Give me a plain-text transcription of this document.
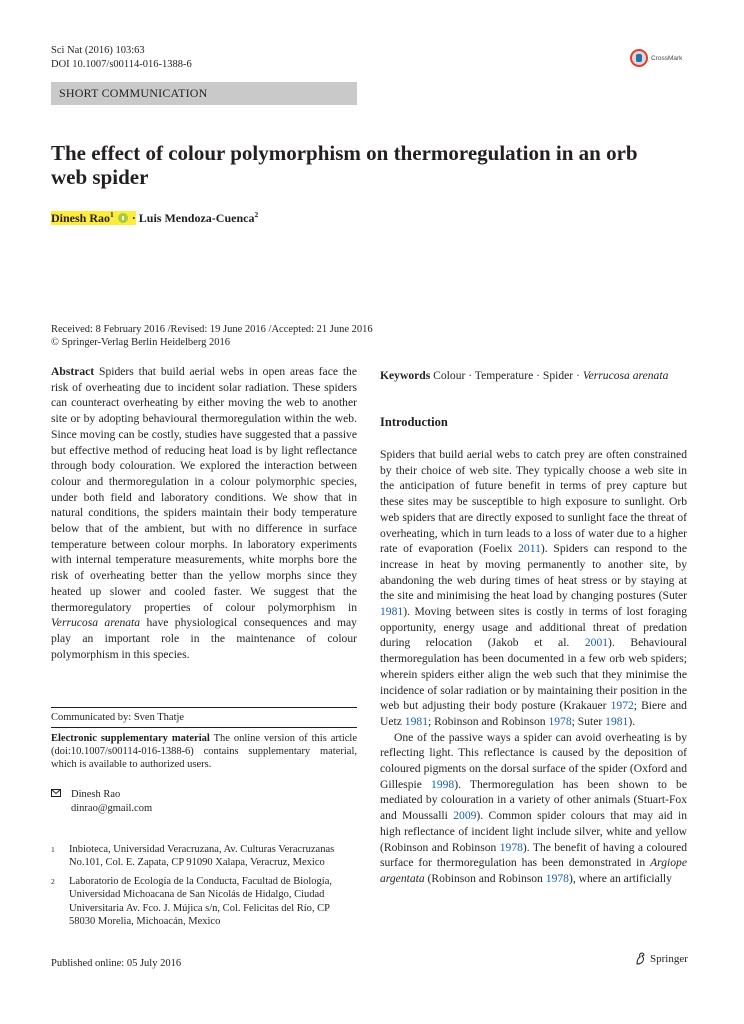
Sci Nat (2016) 103:63
DOI 10.1007/s00114-016-1388-6
CrossMark
SHORT COMMUNICATION
The effect of colour polymorphism on thermoregulation in an orb
web spider
Dinesh Rao$^1$ · Luis Mendoza-Cuenca$^2$
Received: 8 February 2016 /Revised: 19 June 2016 /Accepted: 21 June 2016
© Springer-Verlag Berlin Heidelberg 2016
Abstract Spiders that build aerial webs in open areas face the risk of overheating due to incident solar radiation. These spiders can counteract overheating by either moving the web to another site or by adopting behavioural thermoregulation within the web. Since moving can be costly, studies have suggested that a passive but effective method of reducing heat load is by light reflectance through body colouration. We explored the interaction between colour and thermoregulation in a colour polymorphic species, under both field and laboratory conditions. We show that in natural conditions, the spiders maintain their body temperature below that of the ambient, but with no difference in surface temperature between colour morphs. In laboratory experiments with internal temperature measurements, white morphs bore the risk of overheating better than the yellow morphs since they heated up slower and cooled faster. We suggest that the thermoregulatory properties of colour polymorphism in Verrucosa arenata have physiological consequences and may play an important role in the maintenance of colour polymorphism in this species.
Keywords Colour · Temperature · Spider · Verrucosa arenata
Introduction

Spiders that build aerial webs to catch prey are often constrained by their choice of web site. They typically choose a web site in the anticipation of future benefit in terms of prey capture but these sites may be susceptible to high exposure to sunlight. Orb web spiders that are directly exposed to sunlight face the threat of overheating, which in turn leads to a loss of water due to a higher rate of evaporation (Foelix 2011). Spiders can respond to the increase in heat by moving permanently to another site, by abandoning the web during times of heat stress or by staying at the site and minimising the heat load by changing postures (Suter 1981). Moving between sites is costly in terms of lost foraging opportunity, energy usage and additional threat of predation during relocation (Jakob et al. 2001). Behavioural thermoregulation has been documented in a few orb web spiders; wherein spiders either align the web such that they minimise the incidence of solar radiation or by maintaining their position in the web but adjusting their body posture (Krakauer 1972; Biere and Uetz 1981; Robinson and Robinson 1978; Suter 1981).

One of the passive ways a spider can avoid overheating is by reflecting light. This reflectance is caused by the deposition of coloured pigments on the dorsal surface of the spider (Oxford and Gillespie 1998). Thermoregulation has been shown to be mediated by colouration in a variety of other animals (Stuart-Fox and Moussalli 2009). Common spider colours that may aid in high reflectance of incident light include silver, white and yellow (Robinson and Robinson 1978). The benefit of having a coloured surface for thermoregulation has been demonstrated in Argiope argentata (Robinson and Robinson 1978), where an artificially

Communicated by: Sven Thatje
Electronic supplementary material The online version of this article (doi:10.1007/s00114-016-1388-6) contains supplementary material, which is available to authorized users.
Dinesh Rao
dinrao@gmail.com
1 Inbioteca, Universidad Veracruzana, Av. Culturas Veracruzanas
No.101, Col. E. Zapata, CP 91090 Xalapa, Veracruz, Mexico
2 Laboratorio de Ecología de la Conducta, Facultad de Biología,
Universidad Michoacana de San Nicolás de Hidalgo, Ciudad
Universitaria Av. Fco. J. Mújica s/n, Col. Felicitas del Río, CP
58030 Morelia, Michoacán, Mexico
Published online: 05 July 2016	Springer
